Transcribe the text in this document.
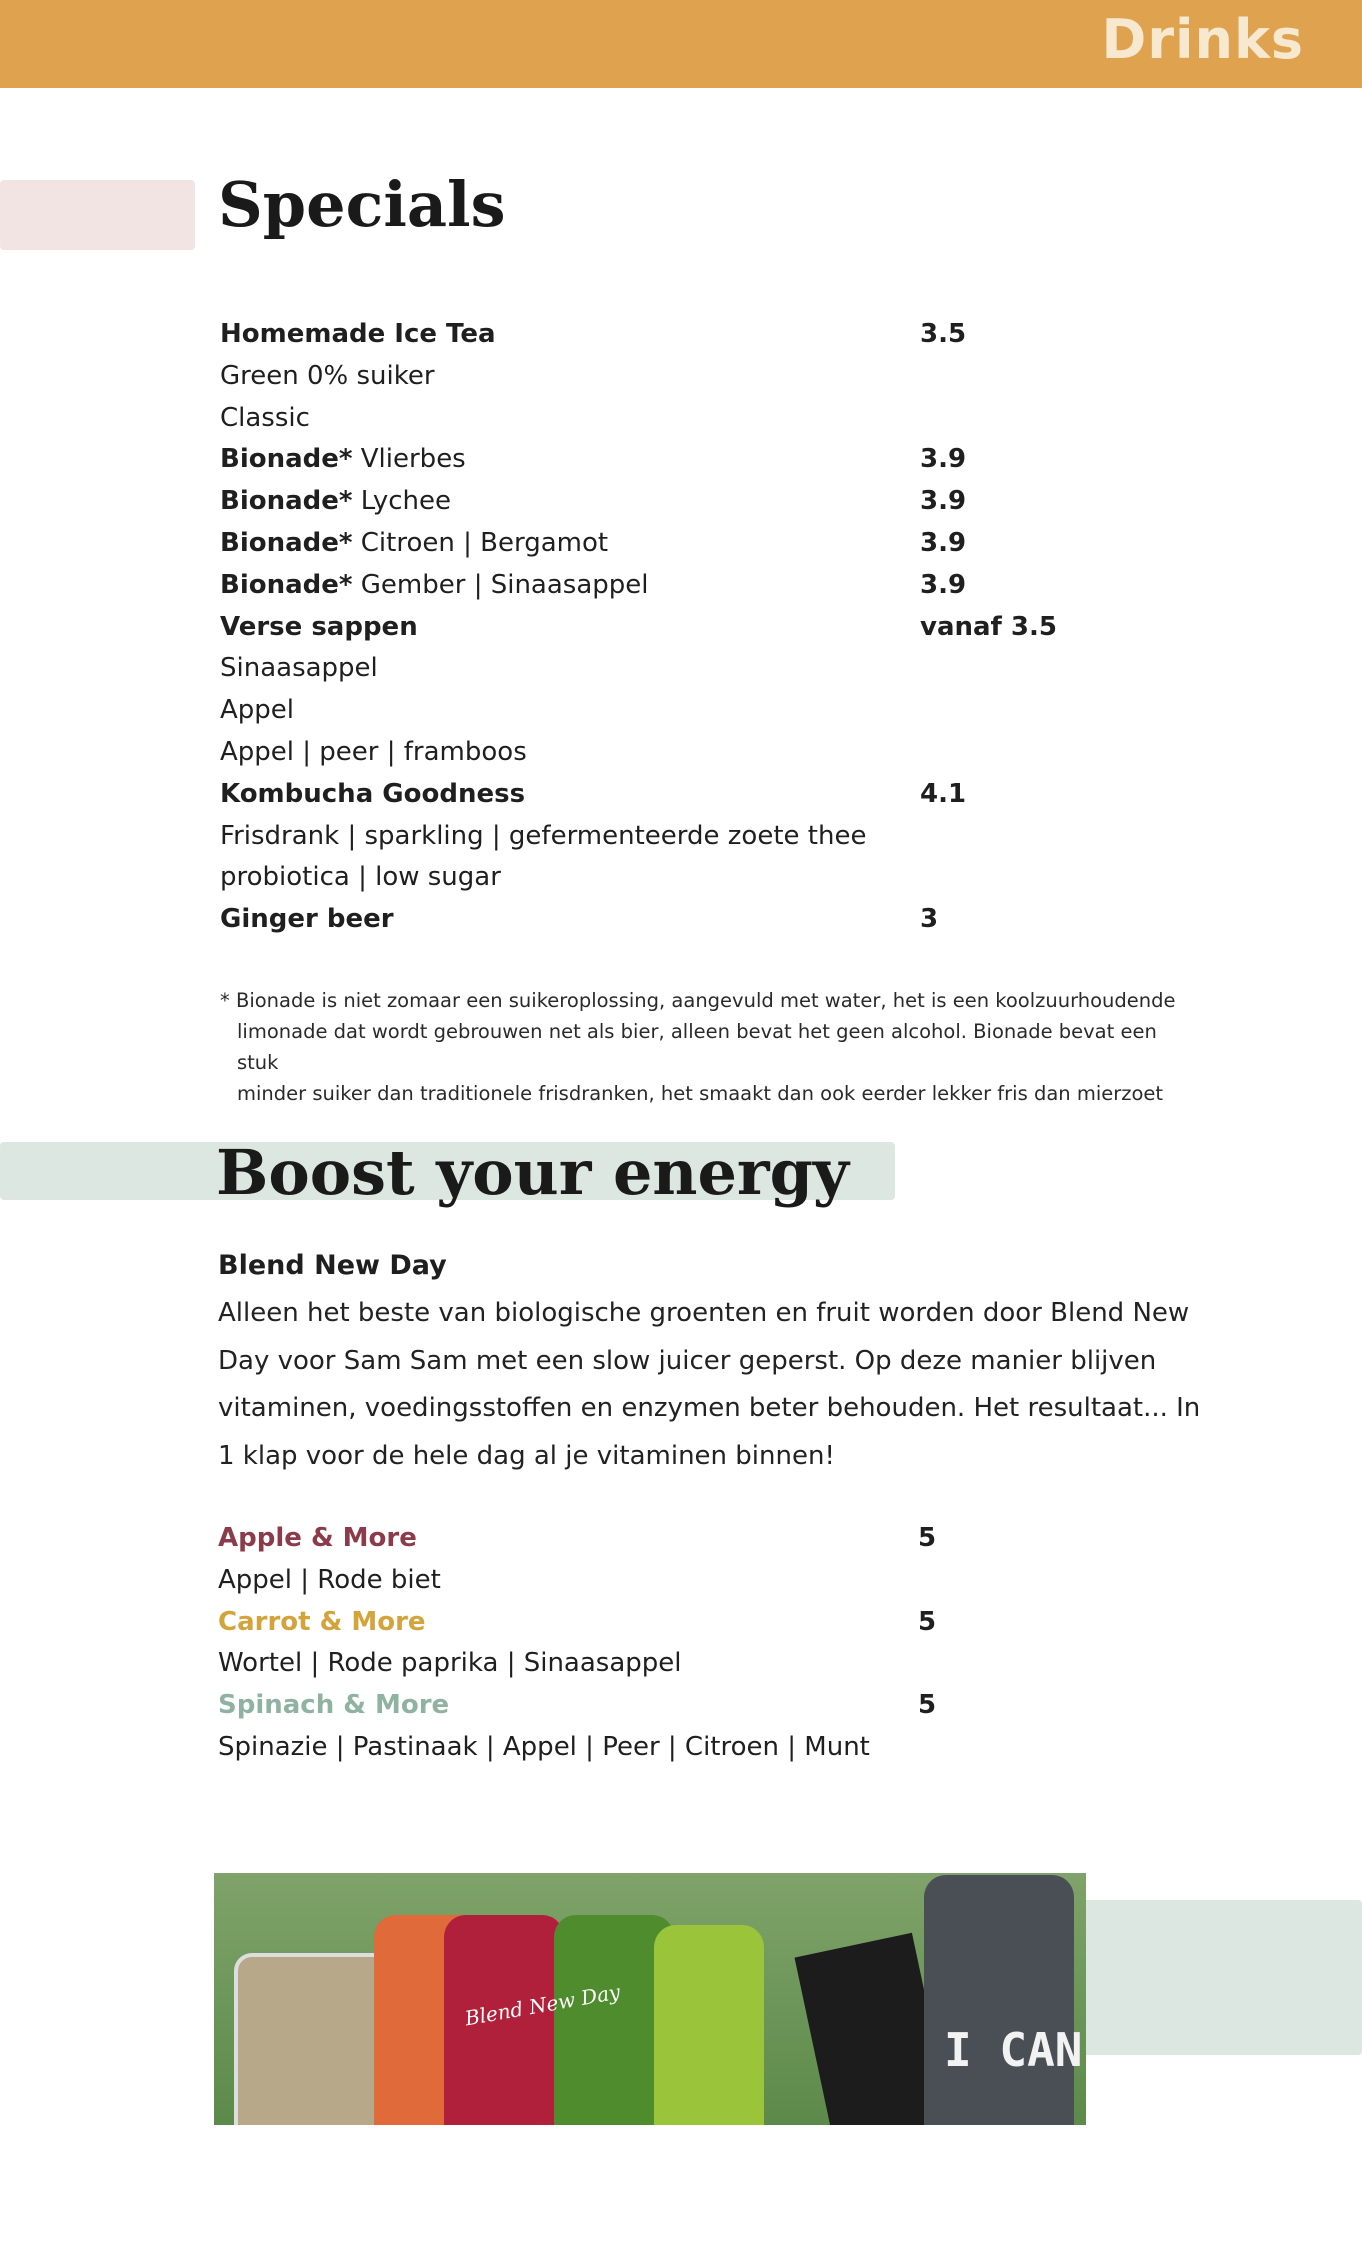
Drinks
Specials
Homemade Ice Tea	3.5
Green 0% suiker
Classic
Bionade* Vlierbes	3.9
Bionade* Lychee	3.9
Bionade* Citroen | Bergamot	3.9
Bionade* Gember | Sinaasappel	3.9
Verse sappen	vanaf 3.5
Sinaasappel
Appel
Appel | peer | framboos
Kombucha Goodness	4.1
Frisdrank | sparkling | gefermenteerde zoete thee
probiotica | low sugar
Ginger beer	3
* Bionade is niet zomaar een suikeroplossing, aangevuld met water, het is een koolzuurhoudende
limonade dat wordt gebrouwen net als bier, alleen bevat het geen alcohol. Bionade bevat een stuk
minder suiker dan traditionele frisdranken, het smaakt dan ook eerder lekker fris dan mierzoet
Boost your energy
Blend New Day
Alleen het beste van biologische groenten en fruit worden door Blend New Day voor Sam Sam met een slow juicer geperst. Op deze manier blijven vitaminen, voedingsstoffen en enzymen beter behouden. Het resultaat... In 1 klap voor de hele dag al je vitaminen binnen!
Apple & More	5
Appel | Rode biet
Carrot & More	5
Wortel | Rode paprika | Sinaasappel
Spinach & More	5
Spinazie | Pastinaak | Appel | Peer | Citroen | Munt
Blend New Day
I CAN
